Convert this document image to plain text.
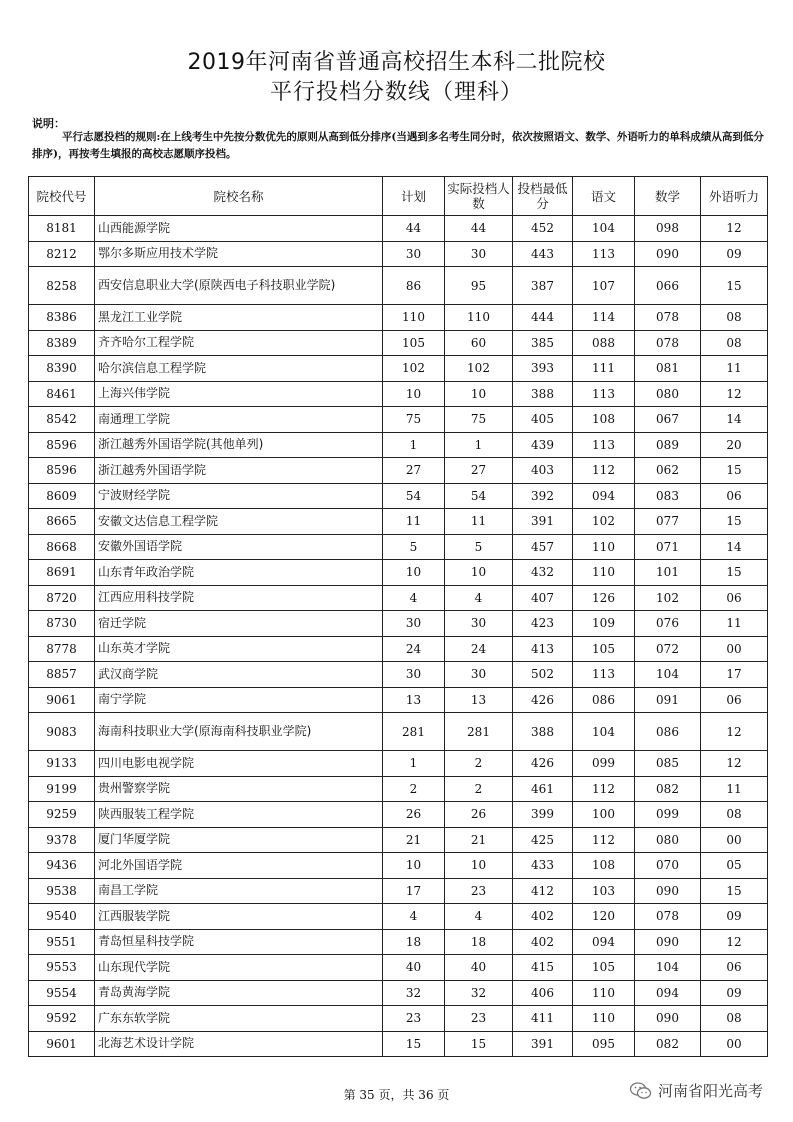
2019年河南省普通高校招生本科二批院校
平行投档分数线（理科）
说明：
平行志愿投档的规则:在上线考生中先按分数优先的原则从高到低分排序(当遇到多名考生同分时，依次按照语文、数学、外语听力的单科成绩从高到低分排序)，再按考生填报的高校志愿顺序投档。
院校代号	院校名称	计划	实际投档人数	投档最低分	语文	数学	外语听力
8181	山西能源学院	44	44	452	104	098	12
8212	鄂尔多斯应用技术学院	30	30	443	113	090	09
8258	西安信息职业大学(原陕西电子科技职业学院)	86	95	387	107	066	15
8386	黑龙江工业学院	110	110	444	114	078	08
8389	齐齐哈尔工程学院	105	60	385	088	078	08
8390	哈尔滨信息工程学院	102	102	393	111	081	11
8461	上海兴伟学院	10	10	388	113	080	12
8542	南通理工学院	75	75	405	108	067	14
8596	浙江越秀外国语学院(其他单列)	1	1	439	113	089	20
8596	浙江越秀外国语学院	27	27	403	112	062	15
8609	宁波财经学院	54	54	392	094	083	06
8665	安徽文达信息工程学院	11	11	391	102	077	15
8668	安徽外国语学院	5	5	457	110	071	14
8691	山东青年政治学院	10	10	432	110	101	15
8720	江西应用科技学院	4	4	407	126	102	06
8730	宿迁学院	30	30	423	109	076	11
8778	山东英才学院	24	24	413	105	072	00
8857	武汉商学院	30	30	502	113	104	17
9061	南宁学院	13	13	426	086	091	06
9083	海南科技职业大学(原海南科技职业学院)	281	281	388	104	086	12
9133	四川电影电视学院	1	2	426	099	085	12
9199	贵州警察学院	2	2	461	112	082	11
9259	陕西服装工程学院	26	26	399	100	099	08
9378	厦门华厦学院	21	21	425	112	080	00
9436	河北外国语学院	10	10	433	108	070	05
9538	南昌工学院	17	23	412	103	090	15
9540	江西服装学院	4	4	402	120	078	09
9551	青岛恒星科技学院	18	18	402	094	090	12
9553	山东现代学院	40	40	415	105	104	06
9554	青岛黄海学院	32	32	406	110	094	09
9592	广东东软学院	23	23	411	110	090	08
9601	北海艺术设计学院	15	15	391	095	082	00
第 35 页，共 36 页	河南省阳光高考
